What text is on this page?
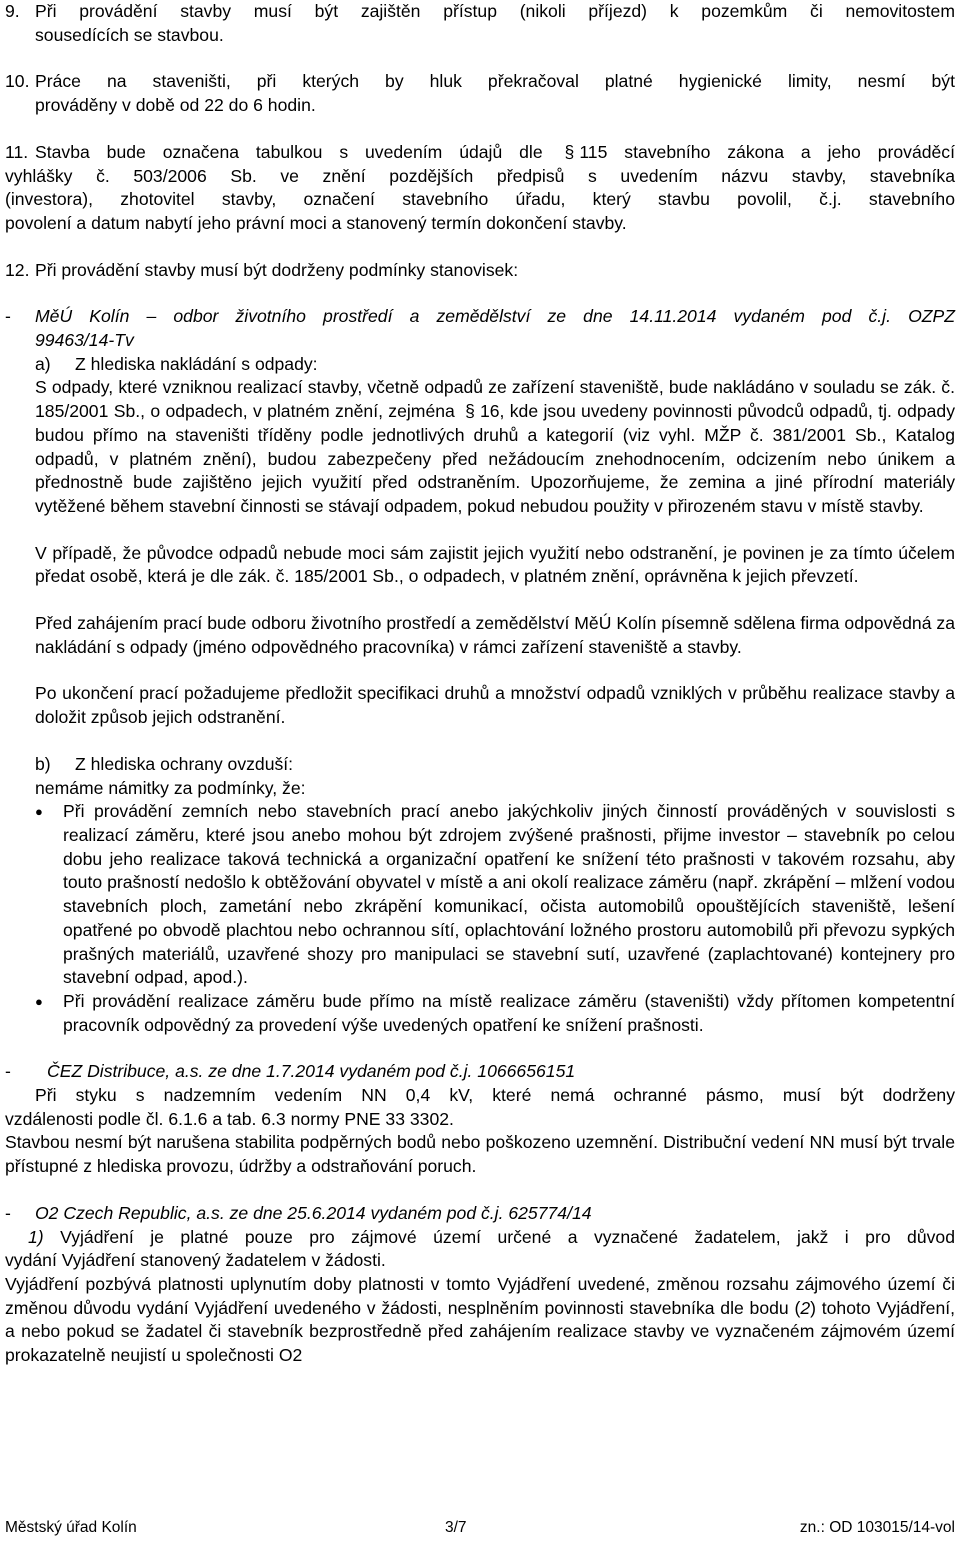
9. Při provádění stavby musí být zajištěn přístup (nikoli příjezd) k pozemkům či nemovitostem

sousedících se stavbou.

10. Práce na staveništi, při kterých by hluk překračoval platné hygienické limity, nesmí být

prováděny v době od 22 do 6 hodin.

11. Stavba bude označena tabulkou s uvedením údajů dle § 115 stavebního zákona a jeho prováděcí

vyhlášky č. 503/2006 Sb. ve znění pozdějších předpisů s uvedením názvu stavby, stavebníka

(investora), zhotovitel stavby, označení stavebního úřadu, který stavbu povolil, č.j. stavebního

povolení a datum nabytí jeho právní moci a stanovený termín dokončení stavby.

12. Při provádění stavby musí být dodrženy podmínky stanovisek:

-	MěÚ Kolín – odbor životního prostředí a zemědělství ze dne 14.11.2014 vydaném pod č.j. OZPZ

99463/14-Tv

a)	Z hlediska nakládání s odpady:

S odpady, které vzniknou realizací stavby, včetně odpadů ze zařízení staveniště, bude nakládáno v souladu se zák. č. 185/2001 Sb., o odpadech, v platném znění, zejména § 16, kde jsou uvedeny povinnosti původců odpadů, tj. odpady budou přímo na staveništi tříděny podle jednotlivých druhů a kategorií (viz vyhl. MŽP č. 381/2001 Sb., Katalog odpadů, v platném znění), budou zabezpečeny před nežádoucím znehodnocením, odcizením nebo únikem a přednostně bude zajištěno jejich využití před odstraněním. Upozorňujeme, že zemina a jiné přírodní materiály vytěžené během stavební činnosti se stávají odpadem, pokud nebudou použity v přirozeném stavu v místě stavby.

V případě, že původce odpadů nebude moci sám zajistit jejich využití nebo odstranění, je povinen je za tímto účelem předat osobě, která je dle zák. č. 185/2001 Sb., o odpadech, v platném znění, oprávněna k jejich převzetí.

Před zahájením prací bude odboru životního prostředí a zemědělství MěÚ Kolín písemně sdělena firma odpovědná za nakládání s odpady (jméno odpovědného pracovníka) v rámci zařízení staveniště a stavby.

Po ukončení prací požadujeme předložit specifikaci druhů a množství odpadů vzniklých v průběhu realizace stavby a doložit způsob jejich odstranění.

b)	Z hlediska ochrany ovzduší:

nemáme námitky za podmínky, že:

●	Při provádění zemních nebo stavebních prací anebo jakýchkoliv jiných činností prováděných v souvislosti s realizací záměru, které jsou anebo mohou být zdrojem zvýšené prašnosti, přijme investor – stavebník po celou dobu jeho realizace taková technická a organizační opatření ke snížení této prašnosti v takovém rozsahu, aby touto prašností nedošlo k obtěžování obyvatel v místě a ani okolí realizace záměru (např. zkrápění – mlžení vodou stavebních ploch, zametání nebo zkrápění komunikací, očista automobilů opouštějících staveniště, lešení opatřené po obvodě plachtou nebo ochrannou sítí, oplachtování ložného prostoru automobilů při převozu sypkých prašných materiálů, uzavřené shozy pro manipulaci se stavební sutí, uzavřené (zaplachtované) kontejnery pro stavební odpad, apod.).

●	Při provádění realizace záměru bude přímo na místě realizace záměru (staveništi) vždy přítomen kompetentní pracovník odpovědný za provedení výše uvedených opatření ke snížení prašnosti.

-	ČEZ Distribuce, a.s. ze dne 1.7.2014 vydaném pod č.j. 1066656151

Při styku s nadzemním vedením NN 0,4 kV, které nemá ochranné pásmo, musí být dodrženy

vzdálenosti podle čl. 6.1.6 a tab. 6.3 normy PNE 33 3302.

Stavbou nesmí být narušena stabilita podpěrných bodů nebo poškozeno uzemnění. Distribuční vedení NN musí být trvale přístupné z hlediska provozu, údržby a odstraňování poruch.

-	O2 Czech Republic, a.s. ze dne 25.6.2014 vydaném pod č.j. 625774/14

1) Vyjádření je platné pouze pro zájmové území určené a vyznačené žadatelem, jakž i pro důvod

vydání Vyjádření stanovený žadatelem v žádosti.

Vyjádření pozbývá platnosti uplynutím doby platnosti v tomto Vyjádření uvedené, změnou rozsahu zájmového území či změnou důvodu vydání Vyjádření uvedeného v žádosti, nesplněním povinnosti stavebníka dle bodu (2) tohoto Vyjádření, a nebo pokud se žadatel či stavebník bezprostředně před zahájením realizace stavby ve vyznačeném zájmovém území prokazatelně neujistí u společnosti O2

Městský úřad Kolín	3/7	zn.: OD 103015/14-vol
